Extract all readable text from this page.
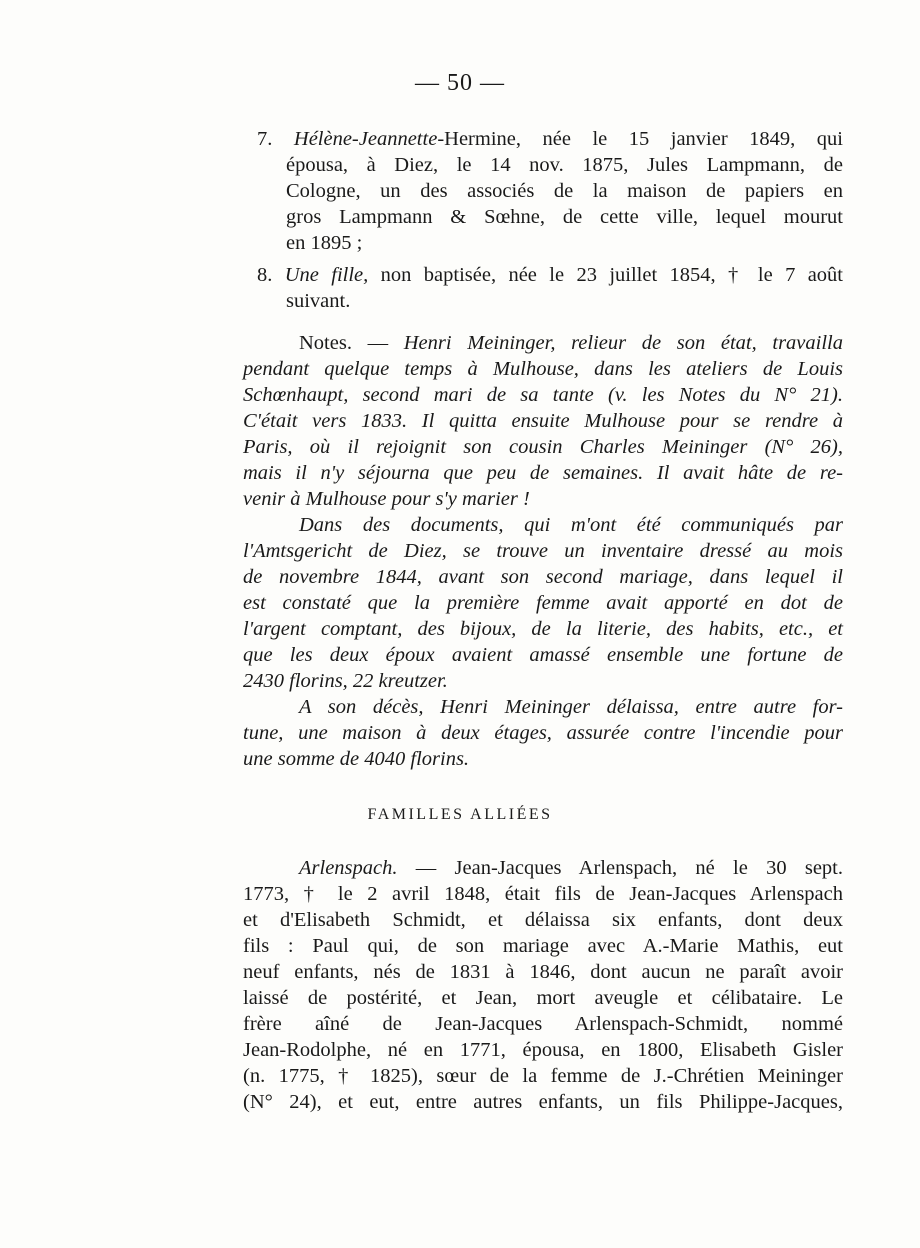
— 50 —
7. Hélène-Jeannette-Hermine, née le 15 janvier 1849, qui
épousa, à Diez, le 14 nov. 1875, Jules Lampmann, de
Cologne, un des associés de la maison de papiers en
gros Lampmann & Sœhne, de cette ville, lequel mourut
en 1895 ;
8. Une fille, non baptisée, née le 23 juillet 1854, † le 7 août
suivant.
Notes. — Henri Meininger, relieur de son état, travailla
pendant quelque temps à Mulhouse, dans les ateliers de Louis
Schœnhaupt, second mari de sa tante (v. les Notes du N° 21).
C'était vers 1833. Il quitta ensuite Mulhouse pour se rendre à
Paris, où il rejoignit son cousin Charles Meininger (N° 26),
mais il n'y séjourna que peu de semaines. Il avait hâte de re-
venir à Mulhouse pour s'y marier !
Dans des documents, qui m'ont été communiqués par
l'Amtsgericht de Diez, se trouve un inventaire dressé au mois
de novembre 1844, avant son second mariage, dans lequel il
est constaté que la première femme avait apporté en dot de
l'argent comptant, des bijoux, de la literie, des habits, etc., et
que les deux époux avaient amassé ensemble une fortune de
2430 florins, 22 kreutzer.
A son décès, Henri Meininger délaissa, entre autre for-
tune, une maison à deux étages, assurée contre l'incendie pour
une somme de 4040 florins.
FAMILLES ALLIÉES
Arlenspach. — Jean-Jacques Arlenspach, né le 30 sept.
1773, † le 2 avril 1848, était fils de Jean-Jacques Arlenspach
et d'Elisabeth Schmidt, et délaissa six enfants, dont deux
fils : Paul qui, de son mariage avec A.-Marie Mathis, eut
neuf enfants, nés de 1831 à 1846, dont aucun ne paraît avoir
laissé de postérité, et Jean, mort aveugle et célibataire. Le
frère aîné de Jean-Jacques Arlenspach-Schmidt, nommé
Jean-Rodolphe, né en 1771, épousa, en 1800, Elisabeth Gisler
(n. 1775, † 1825), sœur de la femme de J.-Chrétien Meininger
(N° 24), et eut, entre autres enfants, un fils Philippe-Jacques,
